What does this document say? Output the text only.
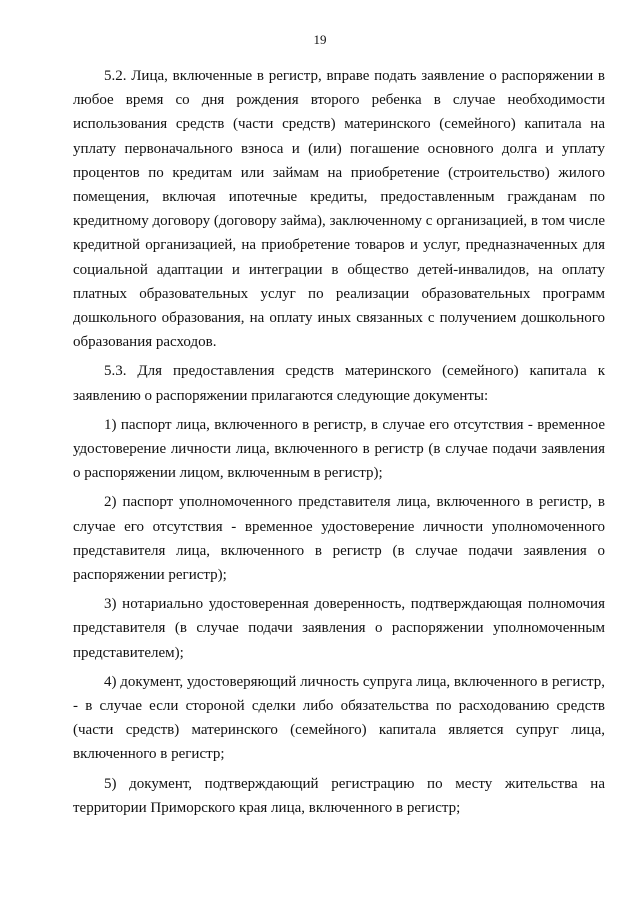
19

5.2. Лица, включенные в регистр, вправе подать заявление о распоряжении в любое время со дня рождения второго ребенка в случае необходимости использования средств (части средств) материнского (семейного) капитала на уплату первоначального взноса и (или) погашение основного долга и уплату процентов по кредитам или займам на приобретение (строительство) жилого помещения, включая ипотечные кредиты, предоставленным гражданам по кредитному договору (договору займа), заключенному с организацией, в том числе кредитной организацией, на приобретение товаров и услуг, предназначенных для социальной адаптации и интеграции в общество детей-инвалидов, на оплату платных образовательных услуг по реализации образовательных программ дошкольного образования, на оплату иных связанных с получением дошкольного образования расходов.

5.3. Для предоставления средств материнского (семейного) капитала к заявлению о распоряжении прилагаются следующие документы:

1) паспорт лица, включенного в регистр, в случае его отсутствия - временное удостоверение личности лица, включенного в регистр (в случае подачи заявления о распоряжении лицом, включенным в регистр);

2) паспорт уполномоченного представителя лица, включенного в регистр, в случае его отсутствия - временное удостоверение личности уполномоченного представителя лица, включенного в регистр (в случае подачи заявления о распоряжении регистр);

3) нотариально удостоверенная доверенность, подтверждающая полномочия представителя (в случае подачи заявления о распоряжении уполномоченным представителем);

4) документ, удостоверяющий личность супруга лица, включенного в регистр, - в случае если стороной сделки либо обязательства по расходованию средств (части средств) материнского (семейного) капитала является супруг лица, включенного в регистр;

5) документ, подтверждающий регистрацию по месту жительства на территории Приморского края лица, включенного в регистр;
